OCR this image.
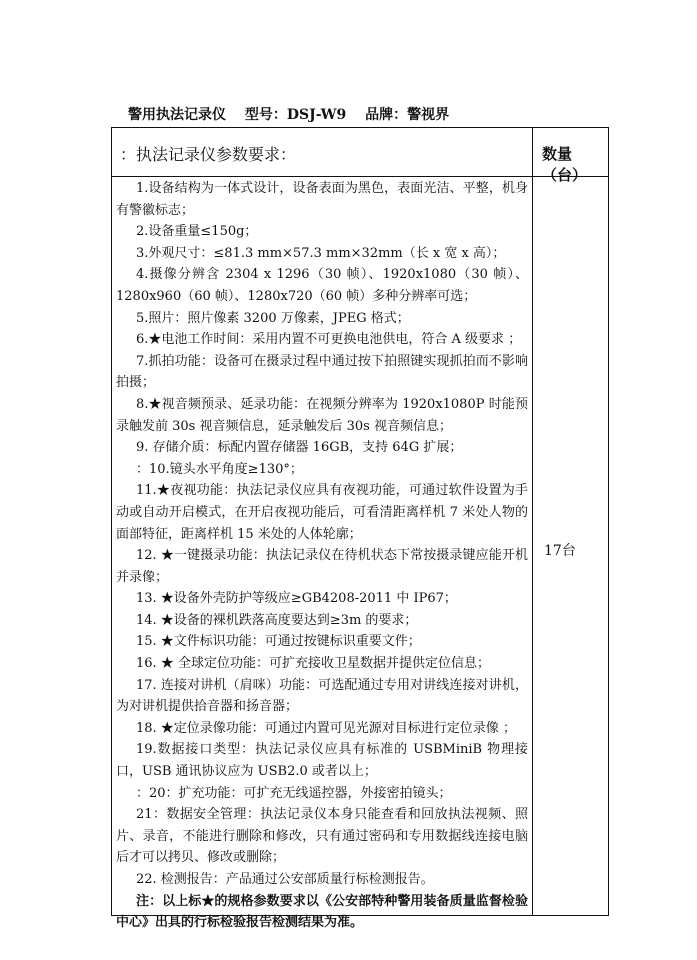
警用执法记录仪 型号：DSJ-W9 品牌：警视界
：执法记录仪参数要求：	数量（台）
1.设备结构为一体式设计，设备表面为黑色，表面光洁、平整，机身有警徽标志；
2.设备重量≤150g；
3.外观尺寸：≤81.3 mm×57.3 mm×32mm（长 x 宽 x 高）；
4.摄像分辨含 2304 x 1296（30 帧）、1920x1080（30 帧）、1280x960（60 帧）、1280x720（60 帧）多种分辨率可选；
5.照片：照片像素 3200 万像素，JPEG 格式；
6.★电池工作时间：采用内置不可更换电池供电，符合 A 级要求 ；
7.抓拍功能：设备可在摄录过程中通过按下拍照键实现抓拍而不影响拍摄；
8.★视音频预录、延录功能：在视频分辨率为 1920x1080P 时能预录触发前 30s 视音频信息，延录触发后 30s 视音频信息；
9. 存储介质：标配内置存储器 16GB，支持 64G 扩展；
：10.镜头水平角度≥130°；
11.★夜视功能：执法记录仪应具有夜视功能，可通过软件设置为手动或自动开启模式，在开启夜视功能后，可看清距离样机 7 米处人物的面部特征，距离样机 15 米处的人体轮廓；
12. ★一键摄录功能：执法记录仪在待机状态下常按摄录键应能开机并录像；
13. ★设备外壳防护等级应≥GB4208-2011 中 IP67；
14. ★设备的裸机跌落高度要达到≥3m 的要求；
15. ★文件标识功能：可通过按键标识重要文件；
16. ★ 全球定位功能：可扩充接收卫星数据并提供定位信息；
17. 连接对讲机（肩咪）功能：可选配通过专用对讲线连接对讲机，为对讲机提供拾音器和扬音器；
18. ★定位录像功能：可通过内置可见光源对目标进行定位录像 ；
19.数据接口类型：执法记录仪应具有标准的 USBMiniB 物理接口，USB 通讯协议应为 USB2.0 或者以上；
：20：扩充功能：可扩充无线遥控器，外接密拍镜头；
21：数据安全管理：执法记录仪本身只能查看和回放执法视频、照片、录音，不能进行删除和修改，只有通过密码和专用数据线连接电脑后才可以拷贝、修改或删除；
22. 检测报告：产品通过公安部质量行标检测报告。
注：以上标★的规格参数要求以《公安部特种警用装备质量监督检验中心》出具的行标检验报告检测结果为准。
17台
